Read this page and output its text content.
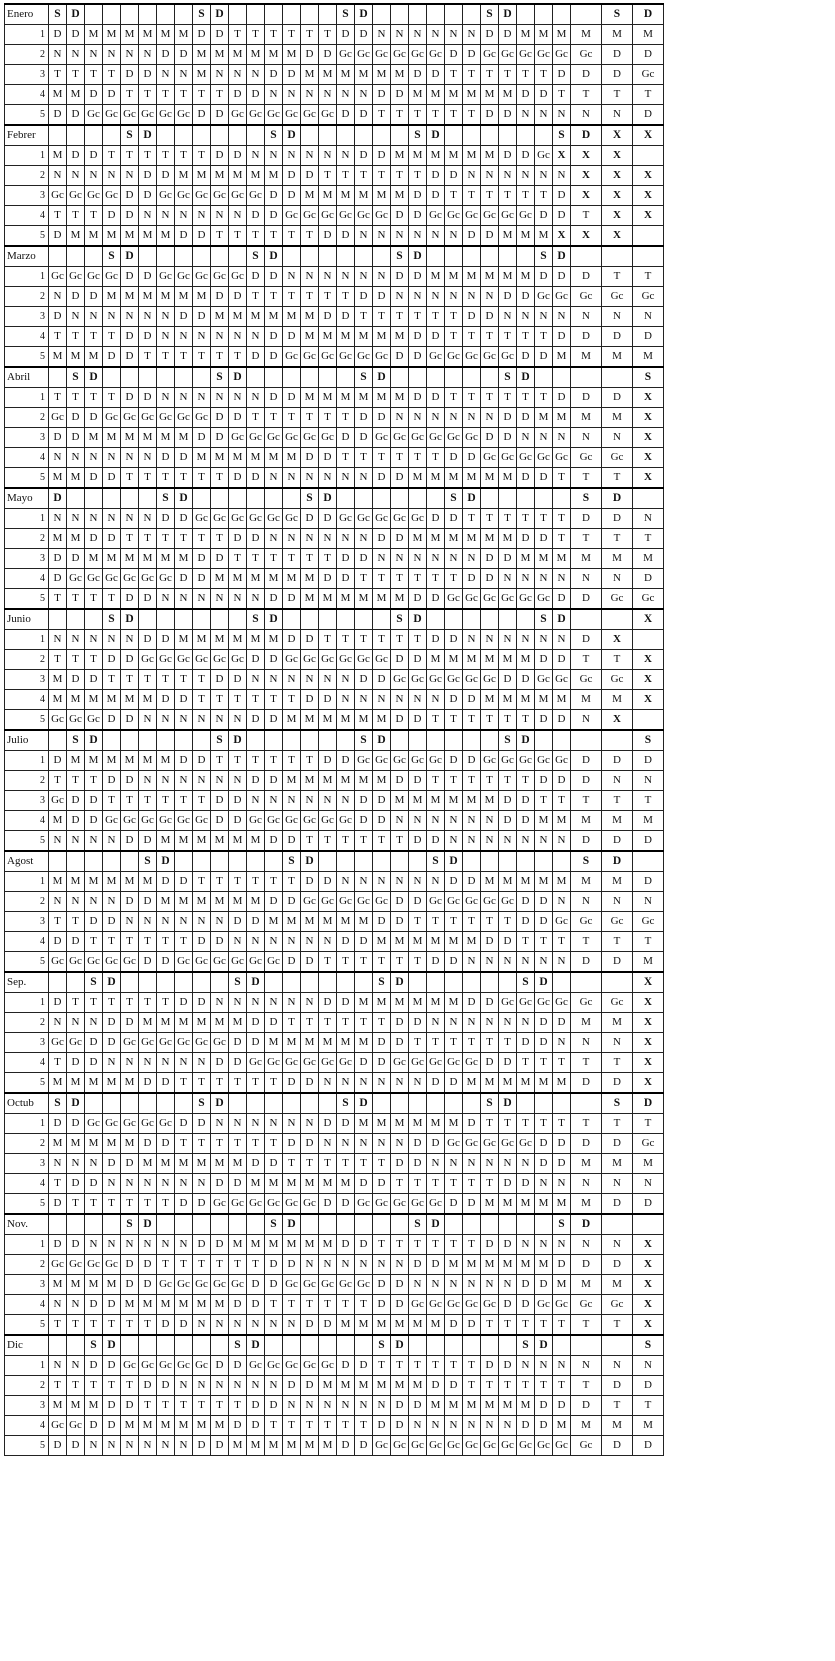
Enero	S	D							S	D							S	D							S	D					S	D
1	D	D	M	M	M	M	M	M	D	D	T	T	T	T	T	T	D	D	N	N	N	N	N	N	D	D	M	M	M	M	M	M
2	N	N	N	N	N	N	D	D	M	M	M	M	M	M	D	D	Gc	Gc	Gc	Gc	Gc	Gc	D	D	Gc	Gc	Gc	Gc	Gc	Gc	D	D
3	T	T	T	T	D	D	N	N	M	N	N	N	D	D	M	M	M	M	M	M	D	D	T	T	T	T	T	T	D	D	D	Gc
4	M	M	D	D	T	T	T	T	T	T	D	D	N	N	N	N	N	N	D	D	M	M	M	M	M	M	D	D	T	T	T	T
5	D	D	Gc	Gc	Gc	Gc	Gc	Gc	D	D	Gc	Gc	Gc	Gc	Gc	Gc	D	D	T	T	T	T	T	T	D	D	N	N	N	N	N	D
Febrer					S	D							S	D							S	D							S	D	X	X
1	M	D	D	T	T	T	T	T	T	D	D	N	N	N	N	N	N	D	D	M	M	M	M	M	M	D	D	Gc	X	X	X	
2	N	N	N	N	N	D	D	M	M	M	M	M	M	D	D	T	T	T	T	T	T	D	D	N	N	N	N	N	N	X	X	X
3	Gc	Gc	Gc	Gc	D	D	Gc	Gc	Gc	Gc	Gc	Gc	D	D	M	M	M	M	M	M	D	D	T	T	T	T	T	T	D	X	X	X
4	T	T	T	D	D	N	N	N	N	N	N	D	D	Gc	Gc	Gc	Gc	Gc	Gc	D	D	Gc	Gc	Gc	Gc	Gc	Gc	D	D	T	X	X
5	D	M	M	M	M	M	M	D	D	T	T	T	T	T	T	D	D	N	N	N	N	N	N	D	D	M	M	M	X	X	X	
Marzo				S	D							S	D							S	D							S	D			
1	Gc	Gc	Gc	Gc	D	D	Gc	Gc	Gc	Gc	Gc	D	D	N	N	N	N	N	N	D	D	M	M	M	M	M	M	D	D	D	T	T
2	N	D	D	M	M	M	M	M	M	D	D	T	T	T	T	T	T	D	D	N	N	N	N	N	N	D	D	Gc	Gc	Gc	Gc	Gc
3	D	N	N	N	N	N	N	D	D	M	M	M	M	M	M	D	D	T	T	T	T	T	T	D	D	N	N	N	N	N	N	N
4	T	T	T	T	D	D	N	N	N	N	N	N	D	D	M	M	M	M	M	M	D	D	T	T	T	T	T	T	D	D	D	D
5	M	M	M	D	D	T	T	T	T	T	T	D	D	Gc	Gc	Gc	Gc	Gc	Gc	D	D	Gc	Gc	Gc	Gc	Gc	D	D	M	M	M	M
Abril		S	D							S	D							S	D							S	D					S
1	T	T	T	T	D	D	N	N	N	N	N	N	D	D	M	M	M	M	M	M	D	D	T	T	T	T	T	T	D	D	D	X
2	Gc	D	D	Gc	Gc	Gc	Gc	Gc	Gc	D	D	T	T	T	T	T	T	D	D	N	N	N	N	N	N	D	D	M	M	M	M	X
3	D	D	M	M	M	M	M	M	D	D	Gc	Gc	Gc	Gc	Gc	Gc	D	D	Gc	Gc	Gc	Gc	Gc	Gc	D	D	N	N	N	N	N	X
4	N	N	N	N	N	N	D	D	M	M	M	M	M	M	D	D	T	T	T	T	T	T	D	D	Gc	Gc	Gc	Gc	Gc	Gc	Gc	X
5	M	M	D	D	T	T	T	T	T	T	D	D	N	N	N	N	N	N	D	D	M	M	M	M	M	M	D	D	T	T	T	X
Mayo	D						S	D							S	D							S	D						S	D	
1	N	N	N	N	N	N	D	D	Gc	Gc	Gc	Gc	Gc	Gc	D	D	Gc	Gc	Gc	Gc	Gc	D	D	T	T	T	T	T	T	D	D	N
2	M	M	D	D	T	T	T	T	T	T	D	D	N	N	N	N	N	N	D	D	M	M	M	M	M	M	D	D	T	T	T	T
3	D	D	M	M	M	M	M	M	D	D	T	T	T	T	T	T	D	D	N	N	N	N	N	N	D	D	M	M	M	M	M	M
4	D	Gc	Gc	Gc	Gc	Gc	Gc	D	D	M	M	M	M	M	M	D	D	T	T	T	T	T	T	D	D	N	N	N	N	N	N	D
5	T	T	T	T	D	D	N	N	N	N	N	N	D	D	M	M	M	M	M	M	D	D	Gc	Gc	Gc	Gc	Gc	Gc	D	D	Gc	Gc
Junio				S	D							S	D							S	D							S	D			X
1	N	N	N	N	N	D	D	M	M	M	M	M	M	D	D	T	T	T	T	T	T	D	D	N	N	N	N	N	N	D	X	
2	T	T	T	D	D	Gc	Gc	Gc	Gc	Gc	Gc	D	D	Gc	Gc	Gc	Gc	Gc	Gc	D	D	M	M	M	M	M	M	D	D	T	T	X
3	M	D	D	T	T	T	T	T	T	D	D	N	N	N	N	N	N	D	D	Gc	Gc	Gc	Gc	Gc	Gc	D	D	Gc	Gc	Gc	Gc	X
4	M	M	M	M	M	M	D	D	T	T	T	T	T	T	D	D	N	N	N	N	N	N	D	D	M	M	M	M	M	M	M	X
5	Gc	Gc	Gc	D	D	N	N	N	N	N	N	D	D	M	M	M	M	M	M	D	D	T	T	T	T	T	T	D	D	N	X	
Julio		S	D							S	D							S	D							S	D					S
1	D	M	M	M	M	M	M	D	D	T	T	T	T	T	T	D	D	Gc	Gc	Gc	Gc	Gc	D	D	Gc	Gc	Gc	Gc	Gc	D	D	D
2	T	T	T	D	D	N	N	N	N	N	N	D	D	M	M	M	M	M	M	D	D	T	T	T	T	T	T	D	D	D	N	N
3	Gc	D	D	T	T	T	T	T	T	D	D	N	N	N	N	N	N	D	D	M	M	M	M	M	M	D	D	T	T	T	T	T
4	M	D	D	Gc	Gc	Gc	Gc	Gc	Gc	D	D	Gc	Gc	Gc	Gc	Gc	Gc	D	D	N	N	N	N	N	N	D	D	M	M	M	M	M
5	N	N	N	N	D	D	M	M	M	M	M	M	D	D	T	T	T	T	T	T	D	D	N	N	N	N	N	N	N	D	D	D
Agost						S	D							S	D							S	D							S	D	
1	M	M	M	M	M	M	D	D	T	T	T	T	T	T	D	D	N	N	N	N	N	N	D	D	M	M	M	M	M	M	M	D
2	N	N	N	N	D	D	M	M	M	M	M	M	D	D	Gc	Gc	Gc	Gc	Gc	D	D	Gc	Gc	Gc	Gc	Gc	D	D	N	N	N	N
3	T	T	D	D	N	N	N	N	N	N	D	D	M	M	M	M	M	M	D	D	T	T	T	T	T	T	D	D	Gc	Gc	Gc	Gc
4	D	D	T	T	T	T	T	T	D	D	N	N	N	N	N	N	D	D	M	M	M	M	M	M	D	D	T	T	T	T	T	T
5	Gc	Gc	Gc	Gc	Gc	D	D	Gc	Gc	Gc	Gc	Gc	Gc	D	D	T	T	T	T	T	T	D	D	N	N	N	N	N	N	D	D	M
Sep.			S	D							S	D							S	D							S	D				X
1	D	T	T	T	T	T	T	D	D	N	N	N	N	N	N	D	D	M	M	M	M	M	M	D	D	Gc	Gc	Gc	Gc	Gc	Gc	X
2	N	N	N	D	D	M	M	M	M	M	M	D	D	T	T	T	T	T	T	D	D	N	N	N	N	N	N	D	D	M	M	X
3	Gc	Gc	D	D	Gc	Gc	Gc	Gc	Gc	Gc	D	D	M	M	M	M	M	M	D	D	T	T	T	T	T	T	D	D	N	N	N	X
4	T	D	D	N	N	N	N	N	N	D	D	Gc	Gc	Gc	Gc	Gc	Gc	D	D	Gc	Gc	Gc	Gc	Gc	D	D	T	T	T	T	T	X
5	M	M	M	M	M	D	D	T	T	T	T	T	T	D	D	N	N	N	N	N	N	D	D	M	M	M	M	M	M	D	D	X
Octub	S	D							S	D							S	D							S	D					S	D
1	D	D	Gc	Gc	Gc	Gc	Gc	D	D	N	N	N	N	N	N	D	D	M	M	M	M	M	M	D	T	T	T	T	T	T	T	T
2	M	M	M	M	M	D	D	T	T	T	T	T	T	D	D	N	N	N	N	N	D	D	Gc	Gc	Gc	Gc	Gc	D	D	D	D	Gc
3	N	N	N	D	D	M	M	M	M	M	M	D	D	T	T	T	T	T	T	D	D	N	N	N	N	N	N	D	D	M	M	M
4	T	D	D	N	N	N	N	N	N	D	D	M	M	M	M	M	M	D	D	T	T	T	T	T	T	D	D	N	N	N	N	N
5	D	T	T	T	T	T	T	D	D	Gc	Gc	Gc	Gc	Gc	Gc	D	D	Gc	Gc	Gc	Gc	Gc	D	D	M	M	M	M	M	M	D	D
Nov.					S	D							S	D							S	D							S	D		
1	D	D	N	N	N	N	N	N	D	D	M	M	M	M	M	M	D	D	T	T	T	T	T	T	D	D	N	N	N	N	N	X
2	Gc	Gc	Gc	Gc	D	D	T	T	T	T	T	T	D	D	N	N	N	N	N	N	D	D	M	M	M	M	M	M	D	D	D	X
3	M	M	M	M	D	D	Gc	Gc	Gc	Gc	Gc	D	D	Gc	Gc	Gc	Gc	Gc	D	D	N	N	N	N	N	N	D	D	M	M	M	X
4	N	N	D	D	M	M	M	M	M	M	D	D	T	T	T	T	T	T	D	D	Gc	Gc	Gc	Gc	Gc	D	D	Gc	Gc	Gc	Gc	X
5	T	T	T	T	T	T	D	D	N	N	N	N	N	N	D	D	M	M	M	M	M	M	D	D	T	T	T	T	T	T	T	X
Dic			S	D							S	D							S	D							S	D				S
1	N	N	D	D	Gc	Gc	Gc	Gc	Gc	D	D	Gc	Gc	Gc	Gc	Gc	D	D	T	T	T	T	T	T	D	D	N	N	N	N	N	N
2	T	T	T	T	T	D	D	N	N	N	N	N	N	D	D	M	M	M	M	M	M	D	D	T	T	T	T	T	T	T	D	D
3	M	M	M	D	D	T	T	T	T	T	T	D	D	N	N	N	N	N	N	D	D	M	M	M	M	M	M	D	D	D	T	T
4	Gc	Gc	D	D	M	M	M	M	M	M	D	D	T	T	T	T	T	T	D	D	N	N	N	N	N	N	D	D	M	M	M	M
5	D	D	N	N	N	N	N	N	D	D	M	M	M	M	M	M	D	D	Gc	Gc	Gc	Gc	Gc	Gc	Gc	Gc	Gc	Gc	Gc	Gc	D	D
